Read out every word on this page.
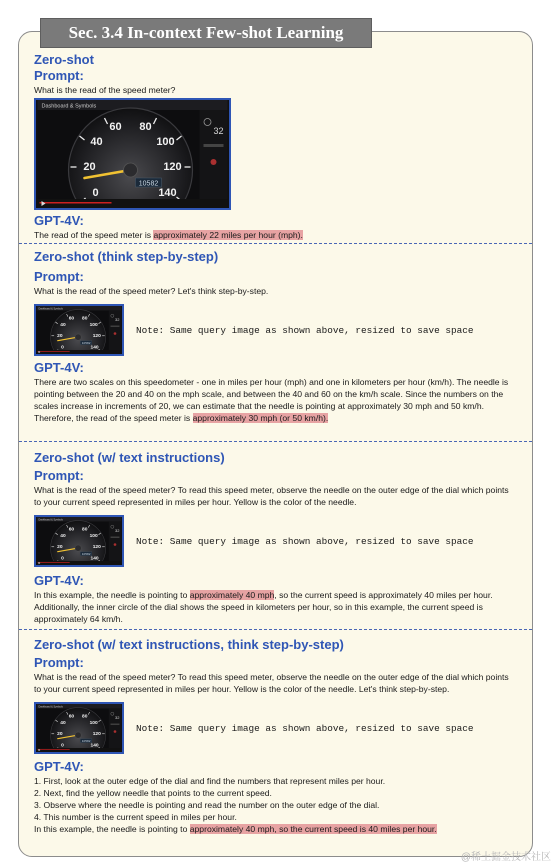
Sec. 3.4 In-context Few-shot Learning
Zero-shot
Prompt:
What is the read of the speed meter?
GPT-4V:
The read of the speed meter is approximately 22 miles per hour (mph).
Zero-shot (think step-by-step)
Prompt:
What is the read of the speed meter? Let's think step-by-step.
Note: Same query image as shown above, resized to save space
GPT-4V:
There are two scales on this speedometer - one in miles per hour (mph) and one in kilometers per hour (km/h). The needle is pointing between the 20 and 40 on the mph scale, and between the 40 and 60 on the km/h scale. Since the numbers on the scales increase in increments of 20, we can estimate that the needle is pointing at approximately 30 mph and 50 km/h.
Therefore, the read of the speed meter is approximately 30 mph (or 50 km/h).
Zero-shot (w/ text instructions)
Prompt:
What is the read of the speed meter? To read this speed meter, observe the needle on the outer edge of the dial which points to your current speed represented in miles per hour. Yellow is the color of the needle.
Note: Same query image as shown above, resized to save space
GPT-4V:
In this example, the needle is pointing to approximately 40 mph, so the current speed is approximately 40 miles per hour. Additionally, the inner circle of the dial shows the speed in kilometers per hour, so in this example, the current speed is approximately 64 km/h.
Zero-shot (w/ text instructions, think step-by-step)
Prompt:
What is the read of the speed meter? To read this speed meter, observe the needle on the outer edge of the dial which points to your current speed represented in miles per hour. Yellow is the color of the needle. Let's think step-by-step.
Note: Same query image as shown above, resized to save space
GPT-4V:
1. First, look at the outer edge of the dial and find the numbers that represent miles per hour.
2. Next, find the yellow needle that points to the current speed.
3. Observe where the needle is pointing and read the number on the outer edge of the dial.
4. This number is the current speed in miles per hour.
In this example, the needle is pointing to approximately 40 mph, so the current speed is 40 miles per hour.
@稀土掘金技术社区
